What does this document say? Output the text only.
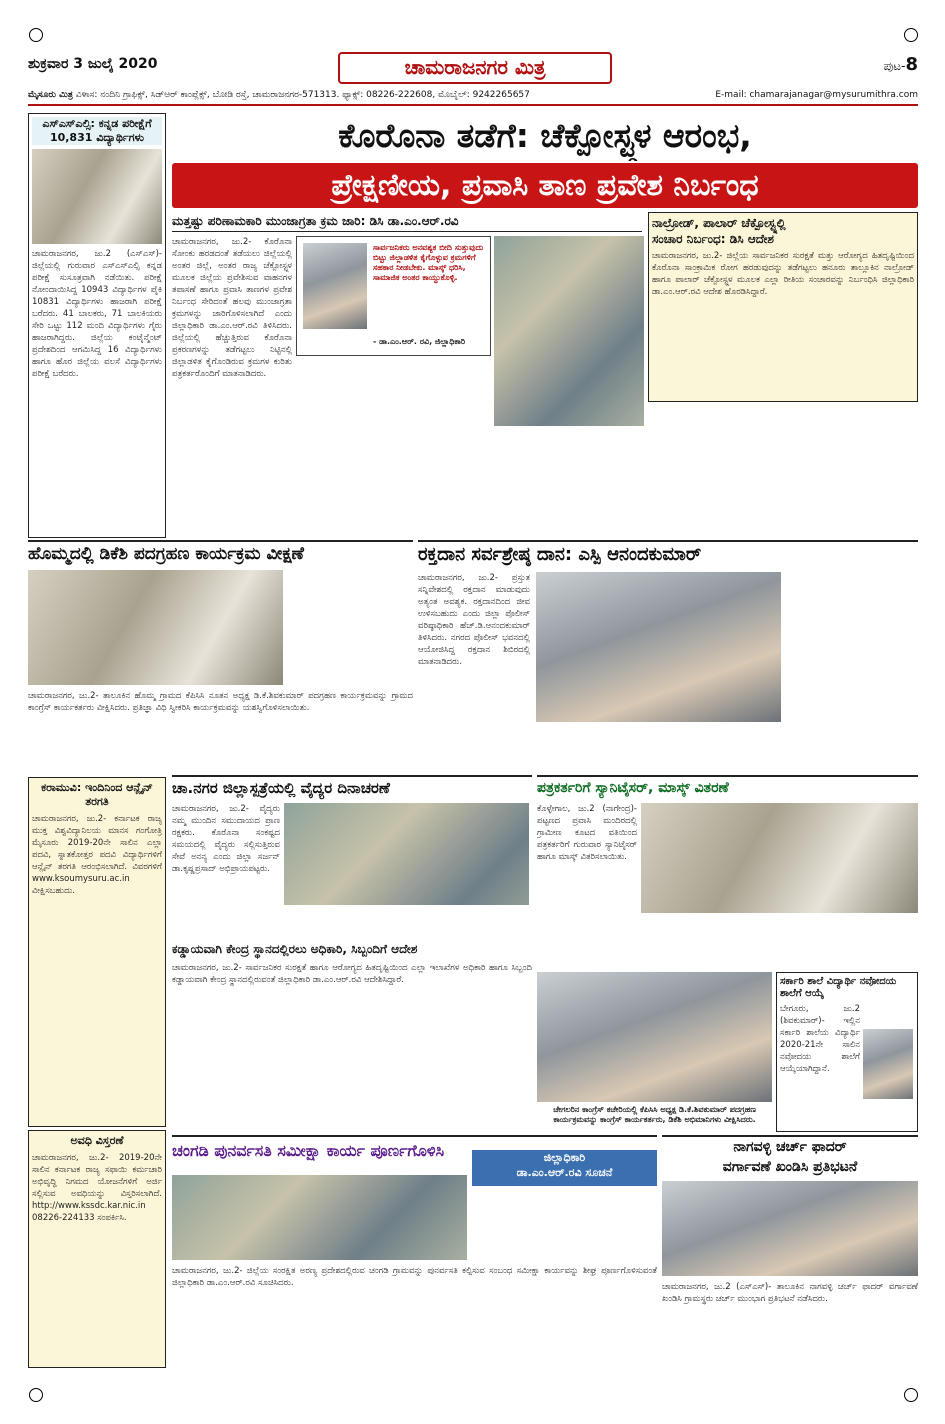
ಶುಕ್ರವಾರ 3 ಜುಲೈ 2020	ಚಾಮರಾಜನಗರ ಮಿತ್ರ	ಪುಟ-8
ಮೈಸೂರು ಮಿತ್ರ ವಿಳಾಸ: ನಂದಿನಿ ಗ್ರಾಫಿಕ್ಸ್, ಸಿಡ್ಆರ್ ಕಾಂಪ್ಲೆಕ್ಸ್, ಬೋಡಿ ರಸ್ತೆ, ಚಾಮರಾಜನಗರ-571313. ಫ್ಯಾಕ್ಸ್: 08226-222608, ಮೊಬೈಲ್: 9242265657	E-mail: chamarajanagar@mysurumithra.com
ಎಸ್ಎಸ್ಎಲ್ಸಿ: ಕನ್ನಡ ಪರೀಕ್ಷೆಗೆ 10,831 ವಿದ್ಯಾರ್ಥಿಗಳು
ಚಾಮರಾಜನಗರ, ಜು.2 (ಎಸ್ಎಸ್)- ಜಿಲ್ಲೆಯಲ್ಲಿ ಗುರುವಾರ ಎಸ್ಎಸ್ಎಲ್ಸಿ ಕನ್ನಡ ಪರೀಕ್ಷೆ ಸುಸೂತ್ರವಾಗಿ ನಡೆಯಿತು. ಪರೀಕ್ಷೆ ನೋಂದಾಯಿಸಿದ್ದ 10943 ವಿದ್ಯಾರ್ಥಿಗಳ ಪೈಕಿ 10831 ವಿದ್ಯಾರ್ಥಿಗಳು ಹಾಜರಾಗಿ ಪರೀಕ್ಷೆ ಬರೆದರು. 41 ಬಾಲಕರು, 71 ಬಾಲಕಿಯರು ಸೇರಿ ಒಟ್ಟು 112 ಮಂದಿ ವಿದ್ಯಾರ್ಥಿಗಳು ಗೈರು ಹಾಜರಾಗಿದ್ದರು. ಜಿಲ್ಲೆಯ ಕಂಟೈನ್ಮೆಂಟ್ ಪ್ರದೇಶದಿಂದ ಆಗಮಿಸಿದ್ದ 16 ವಿದ್ಯಾರ್ಥಿಗಳು ಹಾಗೂ ಹೊರ ಜಿಲ್ಲೆಯ ವಲಸೆ ವಿದ್ಯಾರ್ಥಿಗಳು ಪರೀಕ್ಷೆ ಬರೆದರು.
ಕರಾಮುವಿ: ಇಂದಿನಿಂದ ಆನ್ಲೈನ್ ತರಗತಿ
ಚಾಮರಾಜನಗರ, ಜು.2- ಕರ್ನಾಟಕ ರಾಜ್ಯ ಮುಕ್ತ ವಿಶ್ವವಿದ್ಯಾನಿಲಯ ಮಾನಸ ಗಂಗೋತ್ರಿ ಮೈಸೂರು 2019-20ನೇ ಸಾಲಿನ ಎಲ್ಲಾ ಪದವಿ, ಸ್ನಾತಕೋತ್ತರ ಪದವಿ ವಿದ್ಯಾರ್ಥಿಗಳಿಗೆ ಆನ್ಲೈನ್ ತರಗತಿ ಆರಂಭಿಸಲಾಗಿದೆ. ವಿವರಗಳಿಗೆ www.ksoumysuru.ac.in ವೀಕ್ಷಿಸಬಹುದು.
ಅವಧಿ ವಿಸ್ತರಣೆ
ಚಾಮರಾಜನಗರ, ಜು.2- 2019-20ನೇ ಸಾಲಿನ ಕರ್ನಾಟಕ ರಾಜ್ಯ ಸಫಾಯಿ ಕರ್ಮಚಾರಿ ಅಭಿವೃದ್ಧಿ ನಿಗಮದ ಯೋಜನೆಗಳಿಗೆ ಅರ್ಜಿ ಸಲ್ಲಿಸುವ ಅವಧಿಯನ್ನು ವಿಸ್ತರಿಸಲಾಗಿದೆ. http://www.kssdc.kar.nic.in 08226-224133 ಸಂಪರ್ಕಿಸಿ.
ಕೊರೊನಾ ತಡೆಗೆ: ಚೆಕ್ಪೋಸ್ಟ್ಗಳ ಆರಂಭ,
ಪ್ರೇಕ್ಷಣೀಯ, ಪ್ರವಾಸಿ ತಾಣ ಪ್ರವೇಶ ನಿರ್ಬಂಧ
ಮತ್ತಷ್ಟು ಪರಿಣಾಮಕಾರಿ ಮುಂಜಾಗ್ರತಾ ಕ್ರಮ ಜಾರಿ: ಡಿಸಿ ಡಾ.ಎಂ.ಆರ್.ರವಿ
ಸಾರ್ವಜನಿಕರು ಅನವಶ್ಯಕ ಬೀದಿ ಸುತ್ತುವುದು ಬಿಟ್ಟು ಜಿಲ್ಲಾಡಳಿತ ಕೈಗೊಳ್ಳುವ ಕ್ರಮಗಳಿಗೆ ಸಹಕಾರ ನೀಡಬೇಕು. ಮಾಸ್ಕ್ ಧರಿಸಿ, ಸಾಮಾಜಿಕ ಅಂತರ ಕಾಯ್ದುಕೊಳ್ಳಿ.
- ಡಾ.ಎಂ.ಆರ್. ರವಿ, ಜಿಲ್ಲಾಧಿಕಾರಿ
ಚಾಮರಾಜನಗರ, ಜು.2- ಕೊರೊನಾ ಸೋಂಕು ಹರಡದಂತೆ ತಡೆಯಲು ಜಿಲ್ಲೆಯಲ್ಲಿ ಅಂತರ ಜಿಲ್ಲೆ, ಅಂತರ ರಾಜ್ಯ ಚೆಕ್ಪೋಸ್ಟ್ಗಳ ಮೂಲಕ ಜಿಲ್ಲೆಯ ಪ್ರವೇಶಿಸುವ ವಾಹನಗಳ ತಪಾಸಣೆ ಹಾಗೂ ಪ್ರವಾಸಿ ತಾಣಗಳ ಪ್ರವೇಶ ನಿರ್ಬಂಧ ಸೇರಿದಂತೆ ಹಲವು ಮುಂಜಾಗ್ರತಾ ಕ್ರಮಗಳನ್ನು ಜಾರಿಗೊಳಿಸಲಾಗಿದೆ ಎಂದು ಜಿಲ್ಲಾಧಿಕಾರಿ ಡಾ.ಎಂ.ಆರ್.ರವಿ ತಿಳಿಸಿದರು. ಜಿಲ್ಲೆಯಲ್ಲಿ ಹೆಚ್ಚುತ್ತಿರುವ ಕೊರೊನಾ ಪ್ರಕರಣಗಳನ್ನು ತಡೆಗಟ್ಟಲು ನಿಟ್ಟಿನಲ್ಲಿ ಜಿಲ್ಲಾಡಳಿತ ಕೈಗೊಂಡಿರುವ ಕ್ರಮಗಳ ಕುರಿತು ಪತ್ರಕರ್ತರೊಂದಿಗೆ ಮಾತನಾಡಿದರು.
ನಾಲ್ರೋಡ್, ಪಾಲಾರ್ ಚೆಕ್ಪೋಸ್ಟ್ನಲ್ಲಿ
ಸಂಚಾರ ನಿರ್ಬಂಧ: ಡಿಸಿ ಆದೇಶ
ಚಾಮರಾಜನಗರ, ಜು.2- ಜಿಲ್ಲೆಯ ಸಾರ್ವಜನಿಕರ ಸುರಕ್ಷತೆ ಮತ್ತು ಆರೋಗ್ಯದ ಹಿತದೃಷ್ಟಿಯಿಂದ ಕೊರೊನಾ ಸಾಂಕ್ರಾಮಿಕ ರೋಗ ಹರಡುವುದನ್ನು ತಡೆಗಟ್ಟಲು ಹನೂರು ತಾಲ್ಲೂಕಿನ ನಾಲ್ರೋಡ್ ಹಾಗೂ ಪಾಲಾರ್ ಚೆಕ್ಪೋಸ್ಟ್ಗಳ ಮೂಲಕ ಎಲ್ಲಾ ರೀತಿಯ ಸಂಚಾರವನ್ನು ನಿರ್ಬಂಧಿಸಿ ಜಿಲ್ಲಾಧಿಕಾರಿ ಡಾ.ಎಂ.ಆರ್.ರವಿ ಆದೇಶ ಹೊರಡಿಸಿದ್ದಾರೆ.
ಹೊಮ್ಮದಲ್ಲಿ ಡಿಕೆಶಿ ಪದಗ್ರಹಣ ಕಾರ್ಯಕ್ರಮ ವೀಕ್ಷಣೆ
ಚಾಮರಾಜನಗರ, ಜು.2- ತಾಲೂಕಿನ ಹೊಮ್ಮ ಗ್ರಾಮದ ಕೆಪಿಸಿಸಿ ನೂತನ ಅಧ್ಯಕ್ಷ ಡಿ.ಕೆ.ಶಿವಕುಮಾರ್ ಪದಗ್ರಹಣ ಕಾರ್ಯಕ್ರಮವನ್ನು ಗ್ರಾಮದ ಕಾಂಗ್ರೆಸ್ ಕಾರ್ಯಕರ್ತರು ವೀಕ್ಷಿಸಿದರು. ಪ್ರತಿಜ್ಞಾ ವಿಧಿ ಸ್ವೀಕರಿಸಿ ಕಾರ್ಯಕ್ರಮವನ್ನು ಯಶಸ್ವಿಗೊಳಿಸಲಾಯಿತು.
ರಕ್ತದಾನ ಸರ್ವಶ್ರೇಷ್ಠ ದಾನ: ಎಸ್ಪಿ ಆನಂದಕುಮಾರ್
ಚಾಮರಾಜನಗರ, ಜು.2- ಪ್ರಸ್ತುತ ಸನ್ನಿವೇಶದಲ್ಲಿ ರಕ್ತದಾನ ಮಾಡುವುದು ಅತ್ಯಂತ ಅವಶ್ಯಕ. ರಕ್ತದಾನದಿಂದ ಜೀವ ಉಳಿಸಬಹುದು ಎಂದು ಜಿಲ್ಲಾ ಪೊಲೀಸ್ ವರಿಷ್ಠಾಧಿಕಾರಿ ಹೆಚ್.ಡಿ.ಆನಂದಕುಮಾರ್ ತಿಳಿಸಿದರು. ನಗರದ ಪೊಲೀಸ್ ಭವನದಲ್ಲಿ ಆಯೋಜಿಸಿದ್ದ ರಕ್ತದಾನ ಶಿಬಿರದಲ್ಲಿ ಮಾತನಾಡಿದರು.
ಚಾ.ನಗರ ಜಿಲ್ಲಾಸ್ಪತ್ರೆಯಲ್ಲಿ ವೈದ್ಯರ ದಿನಾಚರಣೆ
ಚಾಮರಾಜನಗರ, ಜು.2- ವೈದ್ಯರು ನಮ್ಮ ಮುಂದಿನ ಸಮುದಾಯದ ಪ್ರಾಣ ರಕ್ಷಕರು. ಕೊರೊನಾ ಸಂಕಷ್ಟದ ಸಮಯದಲ್ಲಿ ವೈದ್ಯರು ಸಲ್ಲಿಸುತ್ತಿರುವ ಸೇವೆ ಅನನ್ಯ ಎಂದು ಜಿಲ್ಲಾ ಸರ್ಜನ್ ಡಾ.ಕೃಷ್ಣಪ್ರಸಾದ್ ಅಭಿಪ್ರಾಯಪಟ್ಟರು.
ಪತ್ರಕರ್ತರಿಗೆ ಸ್ಯಾನಿಟೈಸರ್, ಮಾಸ್ಕ್ ವಿತರಣೆ
ಕೊಳ್ಳೇಗಾಲ, ಜು.2 (ನಾಗೇಂದ್ರ)- ಪಟ್ಟಣದ ಪ್ರವಾಸಿ ಮಂದಿರದಲ್ಲಿ ಗ್ರಾಮೀಣ ಕೂಟದ ವತಿಯಿಂದ ಪತ್ರಕರ್ತರಿಗೆ ಗುರುವಾರ ಸ್ಯಾನಿಟೈಸರ್ ಹಾಗೂ ಮಾಸ್ಕ್ ವಿತರಿಸಲಾಯಿತು.
ಚೇಗಲರಿನ ಕಾಂಗ್ರೆಸ್ ಕಚೇರಿಯಲ್ಲಿ ಕೆಪಿಸಿಸಿ ಅಧ್ಯಕ್ಷ ಡಿ.ಕೆ.ಶಿವಕುಮಾರ್ ಪದಗ್ರಹಣ ಕಾರ್ಯಕ್ರಮವನ್ನು ಕಾಂಗ್ರೆಸ್ ಕಾರ್ಯಕರ್ತರು, ಡಿಕೆಶಿ ಅಭಿಮಾನಿಗಳು ವೀಕ್ಷಿಸಿದರು.
ಸರ್ಕಾರಿ ಶಾಲೆ ವಿದ್ಯಾರ್ಥಿ ನವೋದಯ ಶಾಲೆಗೆ ಆಯ್ಕೆ
ಬೇಗೂರು, ಜು.2 (ಶಿವಕುಮಾರ್)- ಇಲ್ಲಿನ ಸರ್ಕಾರಿ ಶಾಲೆಯ ವಿದ್ಯಾರ್ಥಿ 2020-21ನೇ ಸಾಲಿನ ನವೋದಯ ಶಾಲೆಗೆ ಆಯ್ಕೆಯಾಗಿದ್ದಾನೆ.
ಕಡ್ಡಾಯವಾಗಿ ಕೇಂದ್ರ ಸ್ಥಾನದಲ್ಲಿರಲು ಅಧಿಕಾರಿ, ಸಿಬ್ಬಂದಿಗೆ ಆದೇಶ
ಚಾಮರಾಜನಗರ, ಜು.2- ಸಾರ್ವಜನಿಕರ ಸುರಕ್ಷತೆ ಹಾಗೂ ಆರೋಗ್ಯದ ಹಿತದೃಷ್ಟಿಯಿಂದ ಎಲ್ಲಾ ಇಲಾಖೆಗಳ ಅಧಿಕಾರಿ ಹಾಗೂ ಸಿಬ್ಬಂದಿ ಕಡ್ಡಾಯವಾಗಿ ಕೇಂದ್ರ ಸ್ಥಾನದಲ್ಲಿರುವಂತೆ ಜಿಲ್ಲಾಧಿಕಾರಿ ಡಾ.ಎಂ.ಆರ್.ರವಿ ಆದೇಶಿಸಿದ್ದಾರೆ.
ಚಂಗಡಿ ಪುನರ್ವಸತಿ ಸಮೀಕ್ಷಾ ಕಾರ್ಯ ಪೂರ್ಣಗೊಳಿಸಿ	ಜಿಲ್ಲಾಧಿಕಾರಿ
ಡಾ.ಎಂ.ಆರ್.ರವಿ ಸೂಚನೆ
ಚಾಮರಾಜನಗರ, ಜು.2- ಜಿಲ್ಲೆಯ ಸಂರಕ್ಷಿತ ಅರಣ್ಯ ಪ್ರದೇಶದಲ್ಲಿರುವ ಚಂಗಡಿ ಗ್ರಾಮವನ್ನು ಪುನರ್ವಸತಿ ಕಲ್ಪಿಸುವ ಸಂಬಂಧ ಸಮೀಕ್ಷಾ ಕಾರ್ಯವನ್ನು ಶೀಘ್ರ ಪೂರ್ಣಗೊಳಿಸುವಂತೆ ಜಿಲ್ಲಾಧಿಕಾರಿ ಡಾ.ಎಂ.ಆರ್.ರವಿ ಸೂಚಿಸಿದರು.
ನಾಗವಳ್ಳಿ ಚರ್ಚ್ ಫಾದರ್
ವರ್ಗಾವಣೆ ಖಂಡಿಸಿ ಪ್ರತಿಭಟನೆ
ಚಾಮರಾಜನಗರ, ಜು.2 (ಎಸ್ಎಸ್)- ತಾಲೂಕಿನ ನಾಗವಳ್ಳಿ ಚರ್ಚ್ ಫಾದರ್ ವರ್ಗಾವಣೆ ಖಂಡಿಸಿ ಗ್ರಾಮಸ್ಥರು ಚರ್ಚ್ ಮುಂಭಾಗ ಪ್ರತಿಭಟನೆ ನಡೆಸಿದರು.
